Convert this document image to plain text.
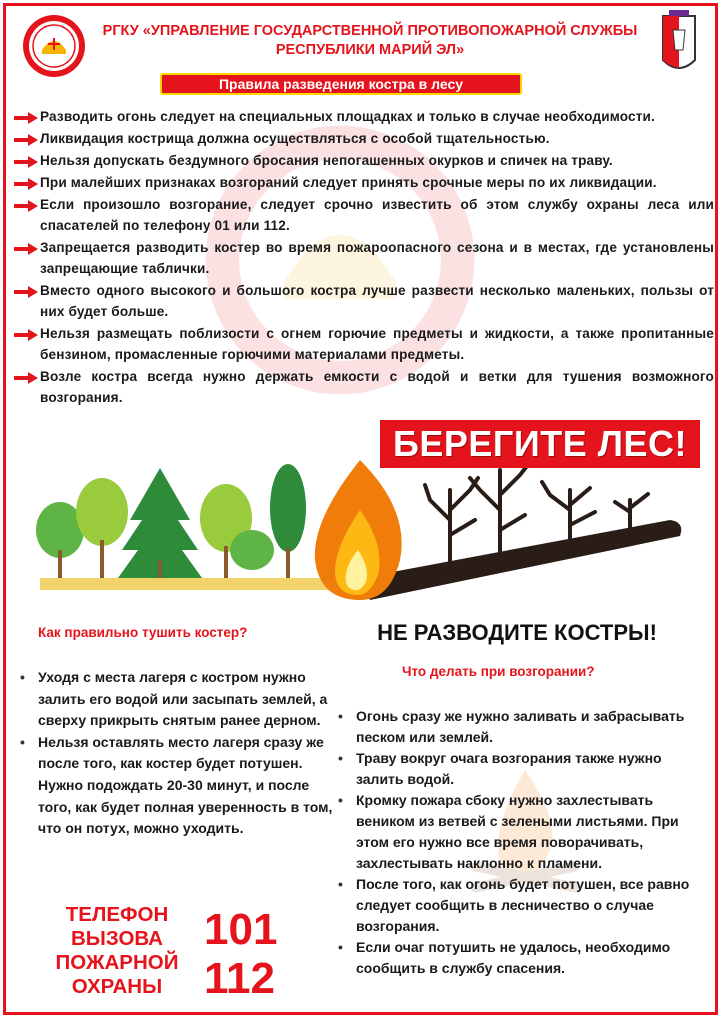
РГКУ «УПРАВЛЕНИЕ ГОСУДАРСТВЕННОЙ ПРОТИВОПОЖАРНОЙ СЛУЖБЫ
РЕСПУБЛИКИ МАРИЙ ЭЛ»
Правила разведения костра в лесу
Разводить огонь следует на специальных площадках и только в случае необходимости.
Ликвидация кострища должна осуществляться с особой тщательностью.
Нельзя допускать бездумного бросания непогашенных окурков и спичек на траву.
При малейших признаках возгораний следует принять срочные меры по их ликвидации.
Если произошло возгорание, следует срочно известить об этом службу охраны леса или спасателей по телефону 01 или 112.
Запрещается разводить костер во время пожароопасного сезона и в местах, где установлены запрещающие таблички.
Вместо одного высокого и большого костра лучше развести несколько маленьких, пользы от них будет больше.
Нельзя размещать поблизости с огнем горючие предметы и жидкости, а также пропитанные бензином, промасленные горючими материалами предметы.
Возле костра всегда нужно держать емкости с водой и ветки для тушения возможного возгорания.
БЕРЕГИТЕ ЛЕС!
НЕ РАЗВОДИТЕ КОСТРЫ!
Как правильно тушить костер?
• Уходя с места лагеря с костром нужно залить его водой или засыпать землей, а сверху прикрыть снятым ранее дерном.
• Нельзя оставлять место лагеря сразу же после того, как костер будет потушен. Нужно подождать 20-30 минут, и после того, как будет полная уверенность в том, что он потух, можно уходить.
Что делать при возгорании?
• Огонь сразу же нужно заливать и забрасывать песком или землей.
• Траву вокруг очага возгорания также нужно залить водой.
• Кромку пожара сбоку нужно захлестывать веником из ветвей с зелеными листьями. При этом его нужно все время поворачивать, захлестывать наклонно к пламени.
• После того, как огонь будет потушен, все равно следует сообщить в лесничество о случае возгорания.
• Если очаг потушить не удалось, необходимо сообщить в службу спасения.
ТЕЛЕФОН
ВЫЗОВА
ПОЖАРНОЙ
ОХРАНЫ
101
112
